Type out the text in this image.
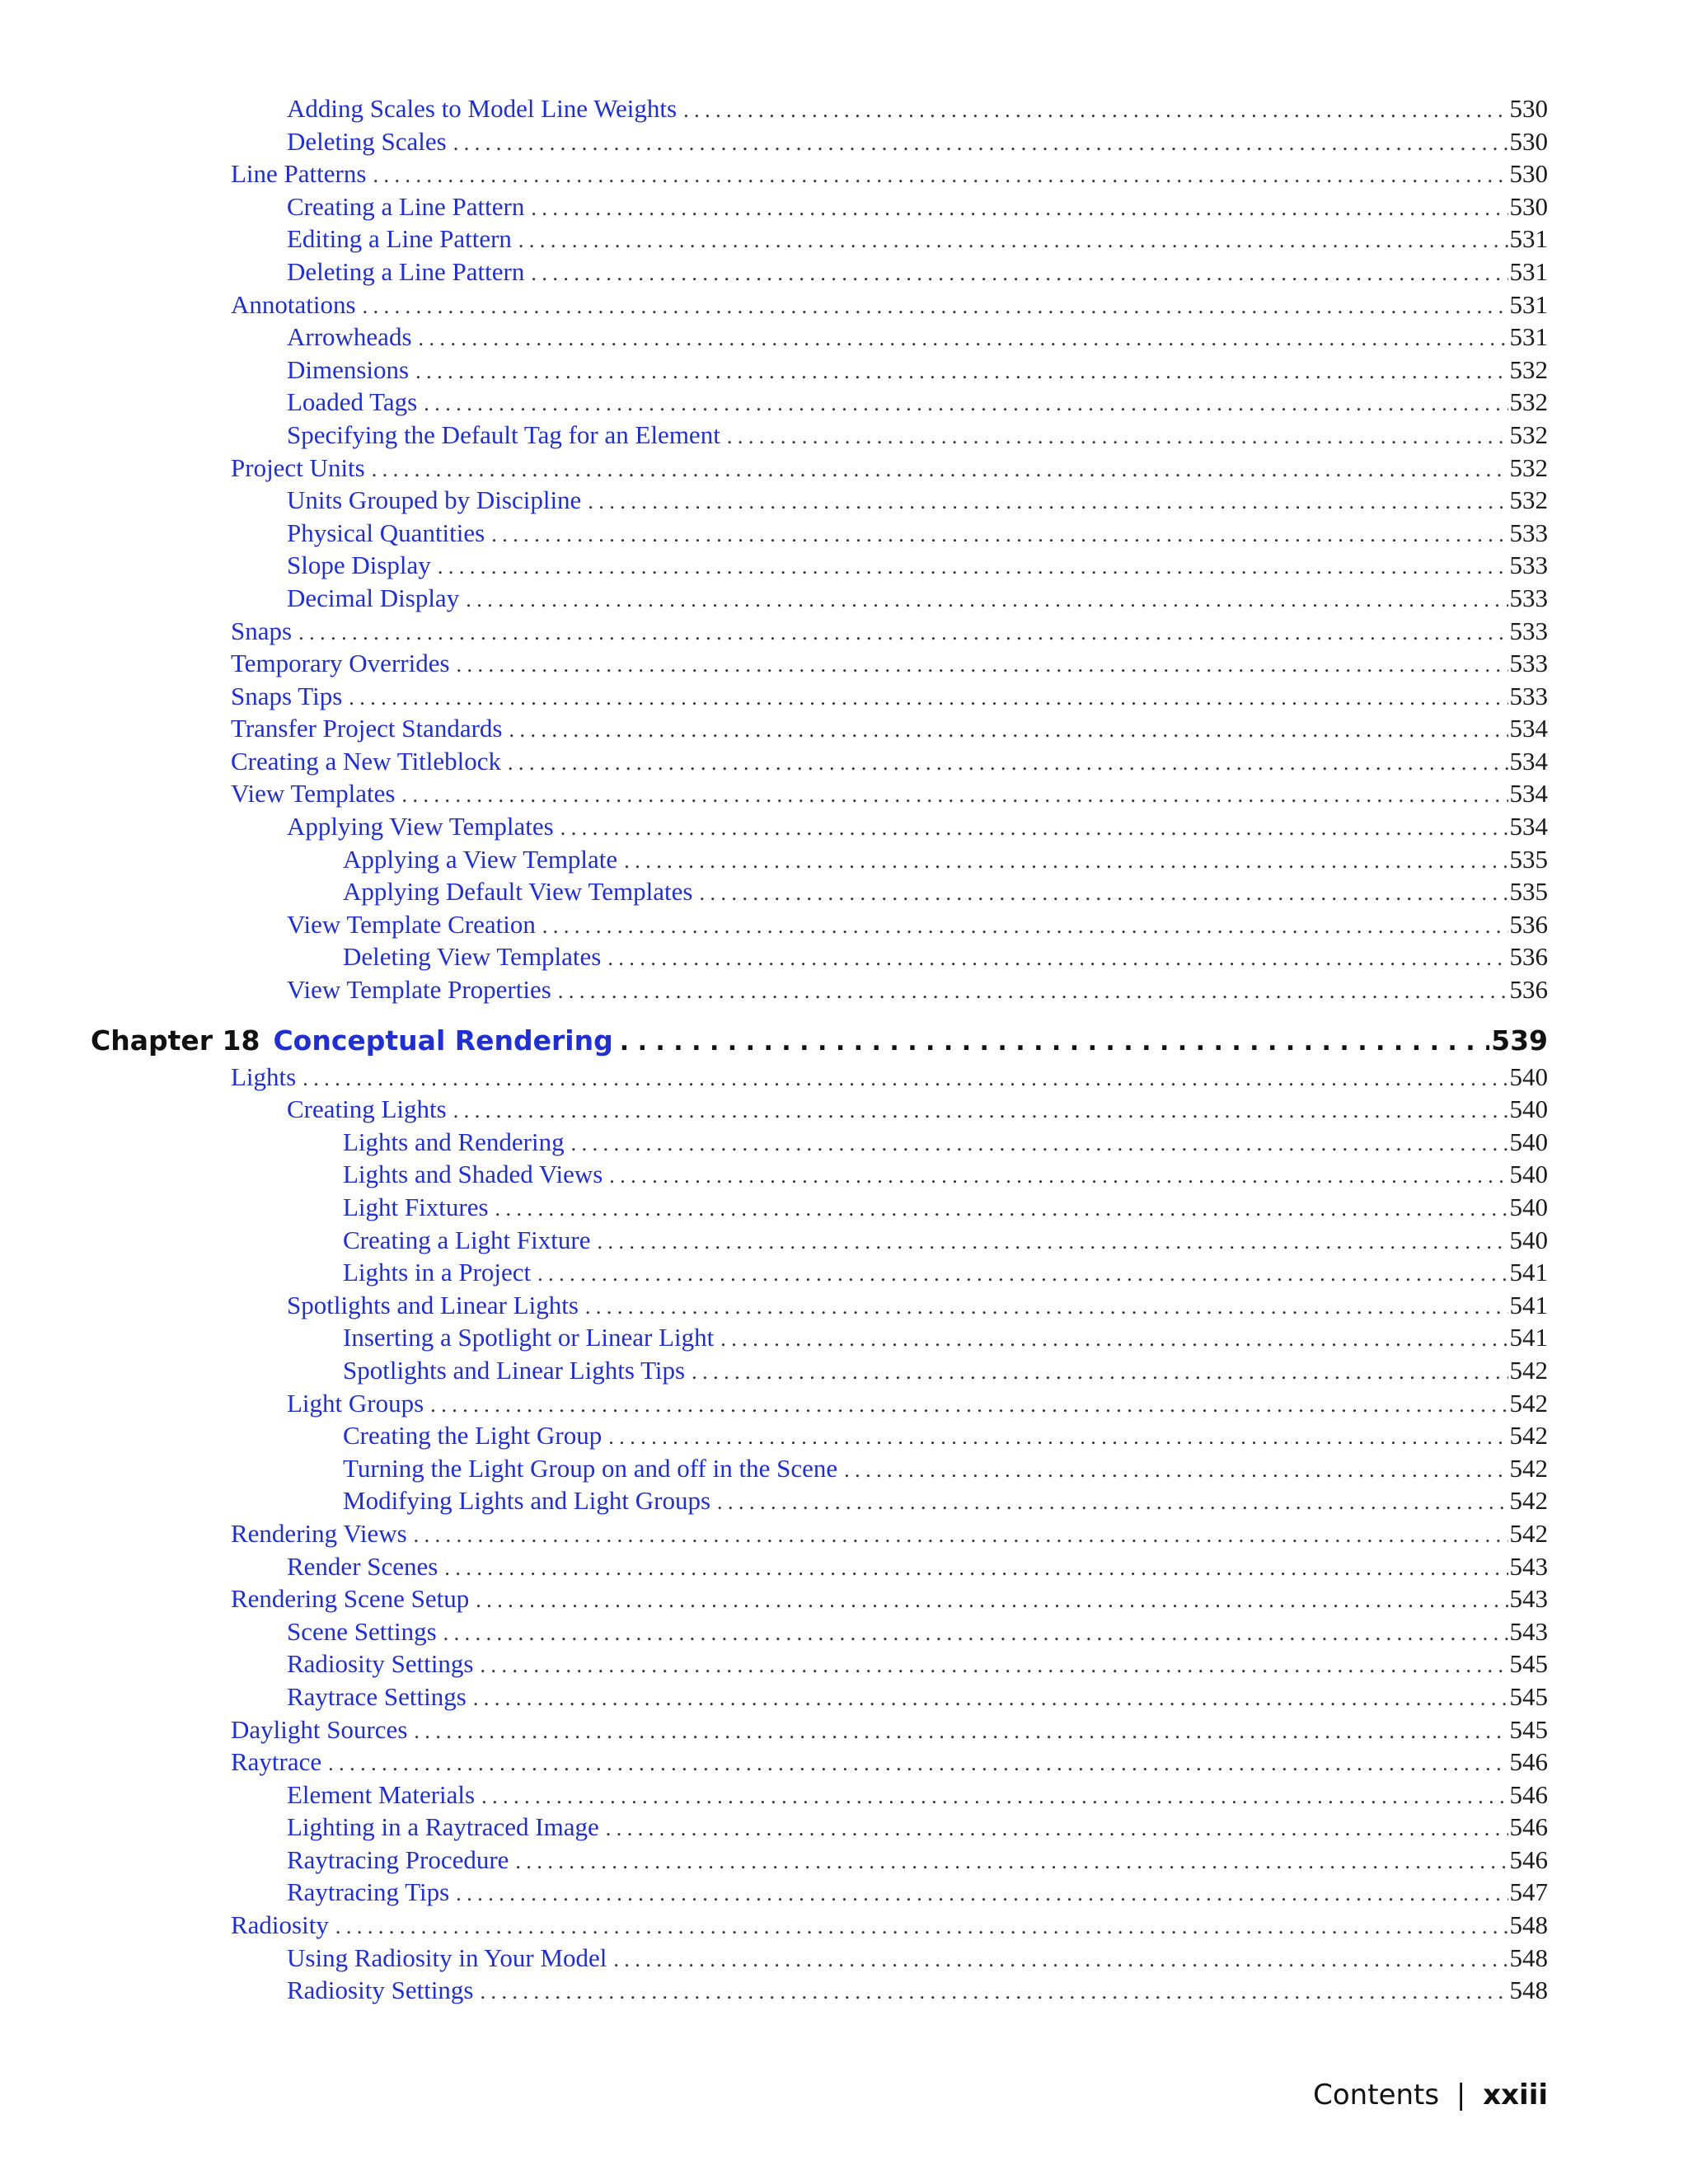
Adding Scales to Model Line Weights . . .	530
Deleting Scales . . .	530
Line Patterns . . .	530
Creating a Line Pattern . . .	530
Editing a Line Pattern . . .	531
Deleting a Line Pattern . . .	531
Annotations . . .	531
Arrowheads . . .	531
Dimensions . . .	532
Loaded Tags . . .	532
Specifying the Default Tag for an Element . . .	532
Project Units . . .	532
Units Grouped by Discipline . . .	532
Physical Quantities . . .	533
Slope Display . . .	533
Decimal Display . . .	533
Snaps . . .	533
Temporary Overrides . . .	533
Snaps Tips . . .	533
Transfer Project Standards . . .	534
Creating a New Titleblock . . .	534
View Templates . . .	534
Applying View Templates . . .	534
Applying a View Template . . .	535
Applying Default View Templates . . .	535
View Template Creation . . .	536
Deleting View Templates . . .	536
View Template Properties . . .	536
Chapter 18 Conceptual Rendering . . .	539
Lights . . .	540
Creating Lights . . .	540
Lights and Rendering . . .	540
Lights and Shaded Views . . .	540
Light Fixtures . . .	540
Creating a Light Fixture . . .	540
Lights in a Project . . .	541
Spotlights and Linear Lights . . .	541
Inserting a Spotlight or Linear Light . . .	541
Spotlights and Linear Lights Tips . . .	542
Light Groups . . .	542
Creating the Light Group . . .	542
Turning the Light Group on and off in the Scene . . .	542
Modifying Lights and Light Groups . . .	542
Rendering Views . . .	542
Render Scenes . . .	543
Rendering Scene Setup . . .	543
Scene Settings . . .	543
Radiosity Settings . . .	545
Raytrace Settings . . .	545
Daylight Sources . . .	545
Raytrace . . .	546
Element Materials . . .	546
Lighting in a Raytraced Image . . .	546
Raytracing Procedure . . .	546
Raytracing Tips . . .	547
Radiosity . . .	548
Using Radiosity in Your Model . . .	548
Radiosity Settings . . .	548
Contents | xxiii
